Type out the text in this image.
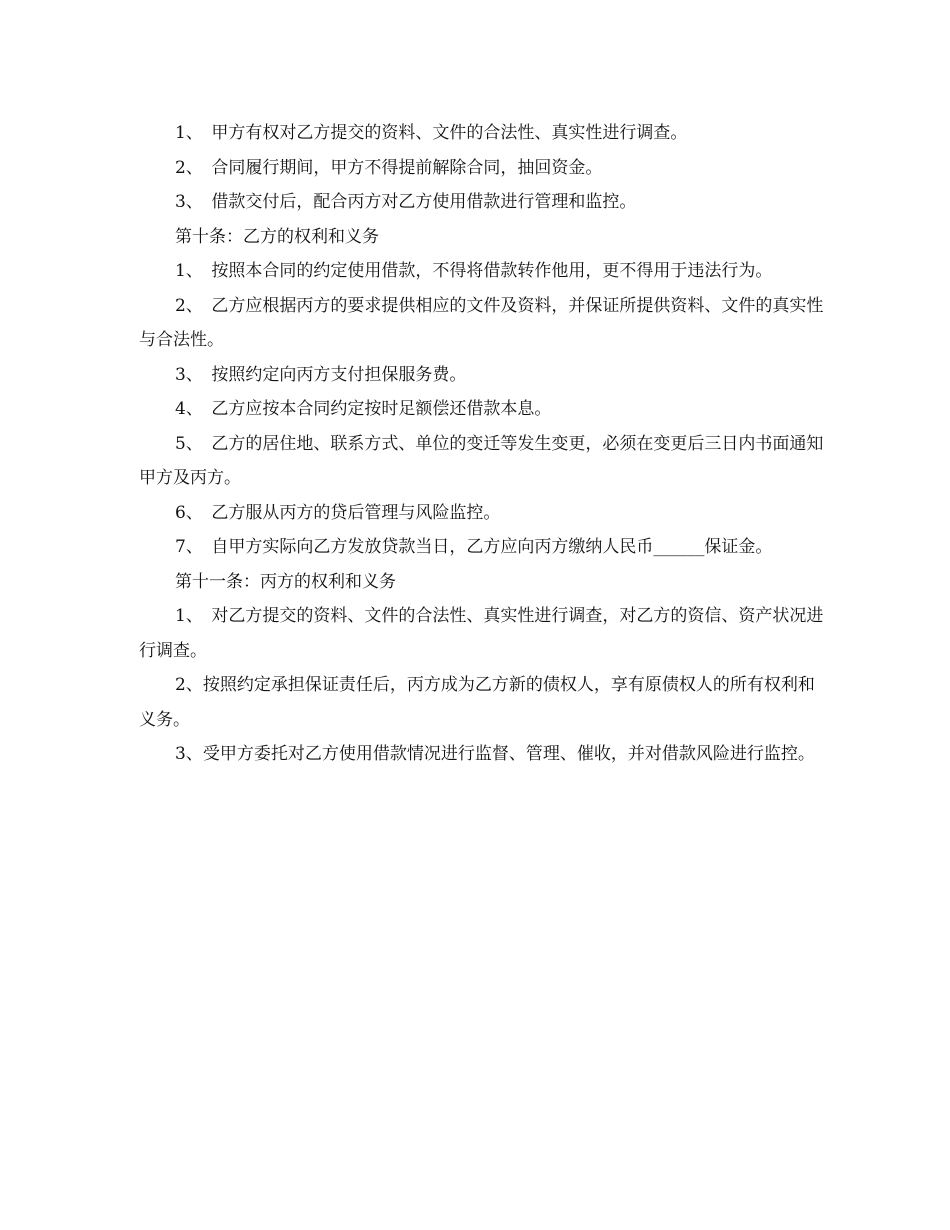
1、　甲方有权对乙方提交的资料、文件的合法性、真实性进行调查。

2、　合同履行期间，甲方不得提前解除合同，抽回资金。

3、　借款交付后，配合丙方对乙方使用借款进行管理和监控。

第十条：乙方的权利和义务

1、　按照本合同的约定使用借款，不得将借款转作他用，更不得用于违法行为。

2、　乙方应根据丙方的要求提供相应的文件及资料，并保证所提供资料、文件的真实性与合法性。

3、　按照约定向丙方支付担保服务费。

4、　乙方应按本合同约定按时足额偿还借款本息。

5、　乙方的居住地、联系方式、单位的变迁等发生变更，必须在变更后三日内书面通知甲方及丙方。

6、　乙方服从丙方的贷后管理与风险监控。

7、　自甲方实际向乙方发放贷款当日，乙方应向丙方缴纳人民币______保证金。

第十一条：丙方的权利和义务

1、　对乙方提交的资料、文件的合法性、真实性进行调查，对乙方的资信、资产状况进行调查。

2、按照约定承担保证责任后，丙方成为乙方新的债权人，享有原债权人的所有权利和义务。

3、受甲方委托对乙方使用借款情况进行监督、管理、催收，并对借款风险进行监控。
